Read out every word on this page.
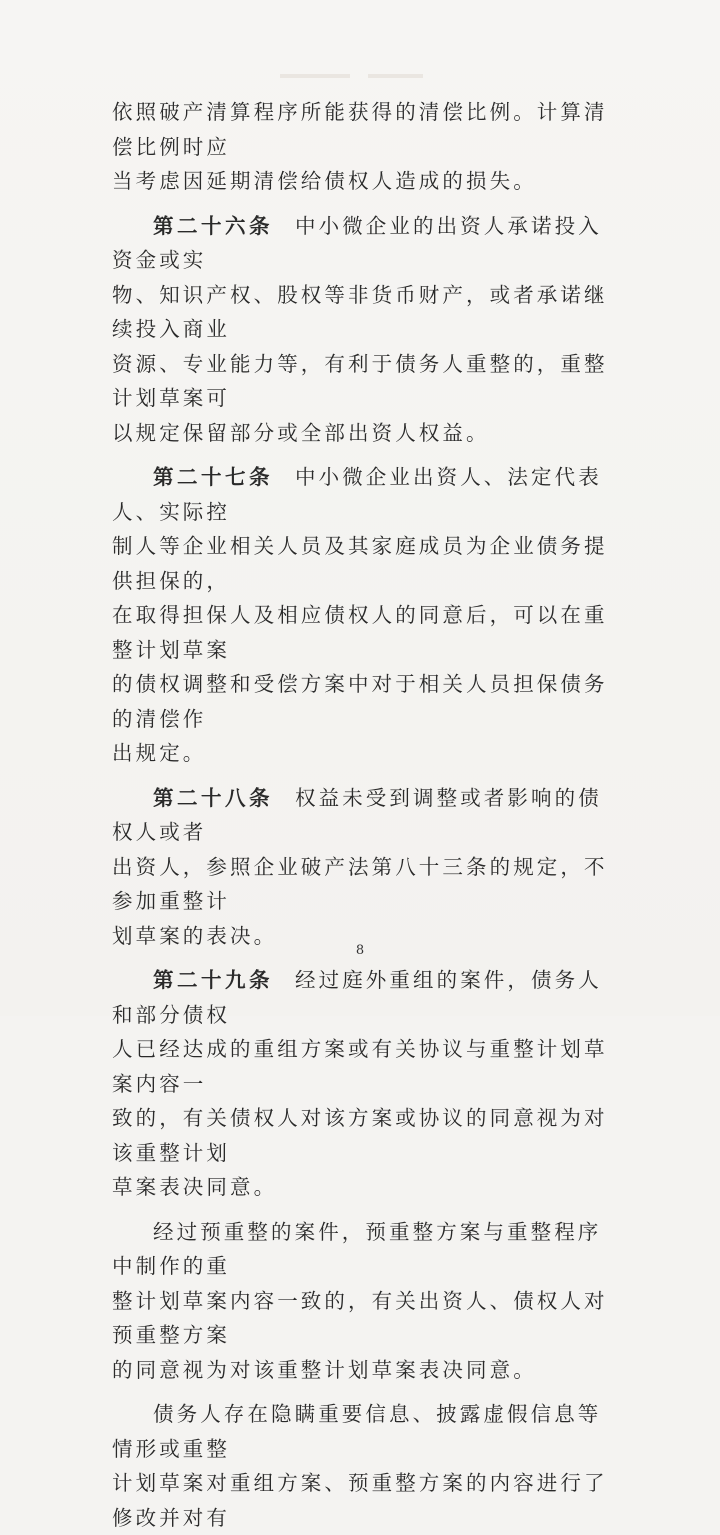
依照破产清算程序所能获得的清偿比例。计算清偿比例时应
当考虑因延期清偿给债权人造成的损失。

第二十六条 中小微企业的出资人承诺投入资金或实
物、知识产权、股权等非货币财产，或者承诺继续投入商业
资源、专业能力等，有利于债务人重整的，重整计划草案可
以规定保留部分或全部出资人权益。

第二十七条 中小微企业出资人、法定代表人、实际控
制人等企业相关人员及其家庭成员为企业债务提供担保的，
在取得担保人及相应债权人的同意后，可以在重整计划草案
的债权调整和受偿方案中对于相关人员担保债务的清偿作
出规定。

第二十八条 权益未受到调整或者影响的债权人或者
出资人，参照企业破产法第八十三条的规定，不参加重整计
划草案的表决。

第二十九条 经过庭外重组的案件，债务人和部分债权
人已经达成的重组方案或有关协议与重整计划草案内容一
致的，有关债权人对该方案或协议的同意视为对该重整计划
草案表决同意。

经过预重整的案件，预重整方案与重整程序中制作的重
整计划草案内容一致的，有关出资人、债权人对预重整方案
的同意视为对该重整计划草案表决同意。

债务人存在隐瞒重要信息、披露虚假信息等情形或重整
计划草案对重组方案、预重整方案的内容进行了修改并对有

8
